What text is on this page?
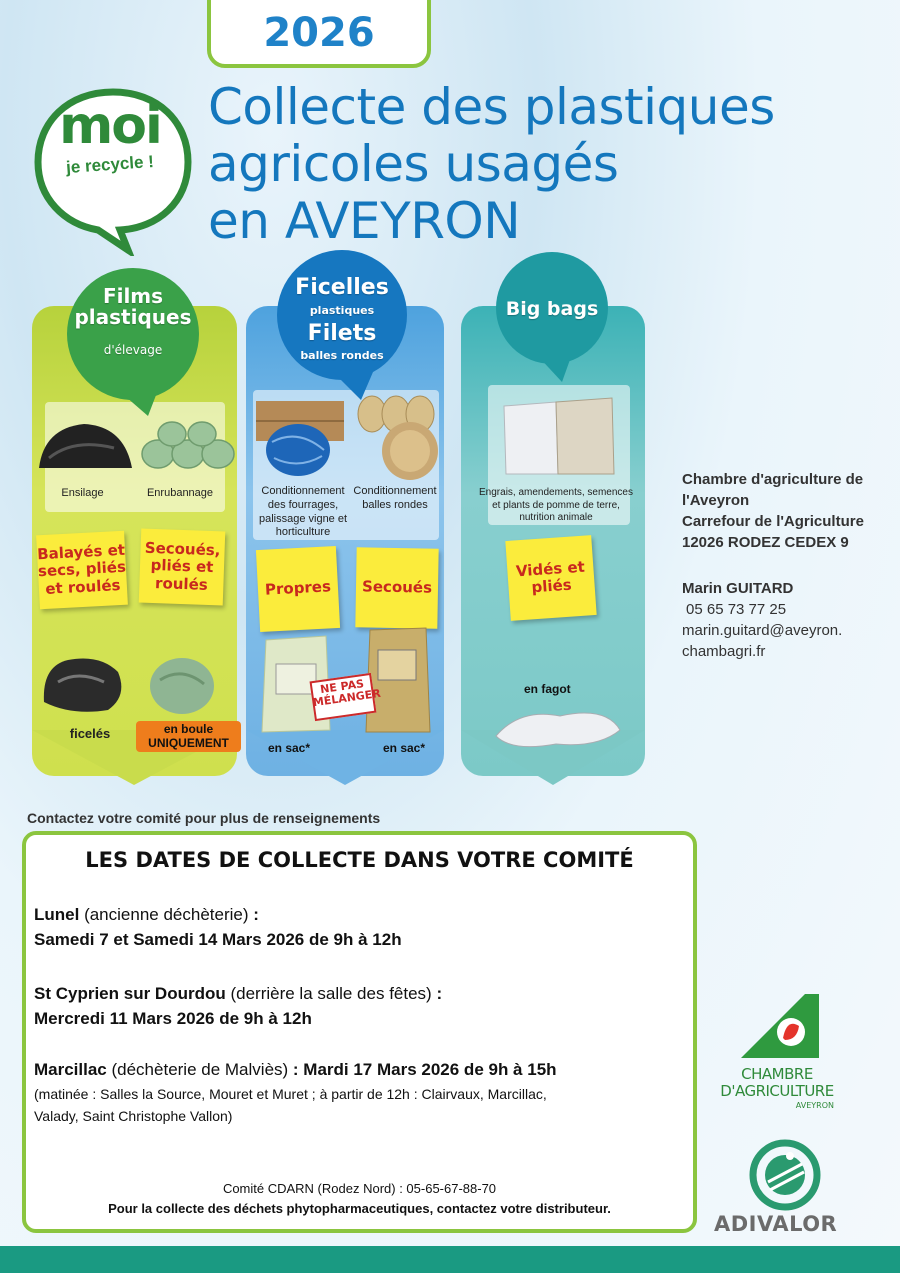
2026
Collecte des plastiques
agricoles usagés
en AVEYRON
moi
je recycle !
Films plastiques
d'élevage
Ensilage	Enrubannage
Balayés et secs, pliés et roulés
Secoués, pliés et roulés
ficelés	en boule
UNIQUEMENT
Ficelles
plastiques
Filets
balles rondes
Conditionnement des fourrages, palissage vigne et horticulture
Conditionnement balles rondes
Propres	Secoués
NE PAS MÉLANGER
en sac*	en sac*
Big bags
Engrais, amendements, semences et plants de pomme de terre, nutrition animale
Vidés et pliés
en fagot
Chambre d'agriculture de
l'Aveyron
Carrefour de l'Agriculture
12026 RODEZ CEDEX 9
Marin GUITARD
05 65 73 77 25
marin.guitard@aveyron.
chambagri.fr
Contactez votre comité pour plus de renseignements
LES DATES DE COLLECTE DANS VOTRE COMITÉ
Lunel (ancienne déchèterie) :
Samedi 7 et Samedi 14 Mars 2026 de 9h à 12h
St Cyprien sur Dourdou (derrière la salle des fêtes) :
Mercredi 11 Mars 2026 de 9h à 12h
Marcillac (déchèterie de Malviès) : Mardi 17 Mars 2026 de 9h à 15h
(matinée : Salles la Source, Mouret et Muret ; à partir de 12h : Clairvaux, Marcillac,
Valady, Saint Christophe Vallon)
Comité CDARN (Rodez Nord) : 05-65-67-88-70
Pour la collecte des déchets phytopharmaceutiques, contactez votre distributeur.
CHAMBRE
D'AGRICULTURE
AVEYRON
ADIVALOR
